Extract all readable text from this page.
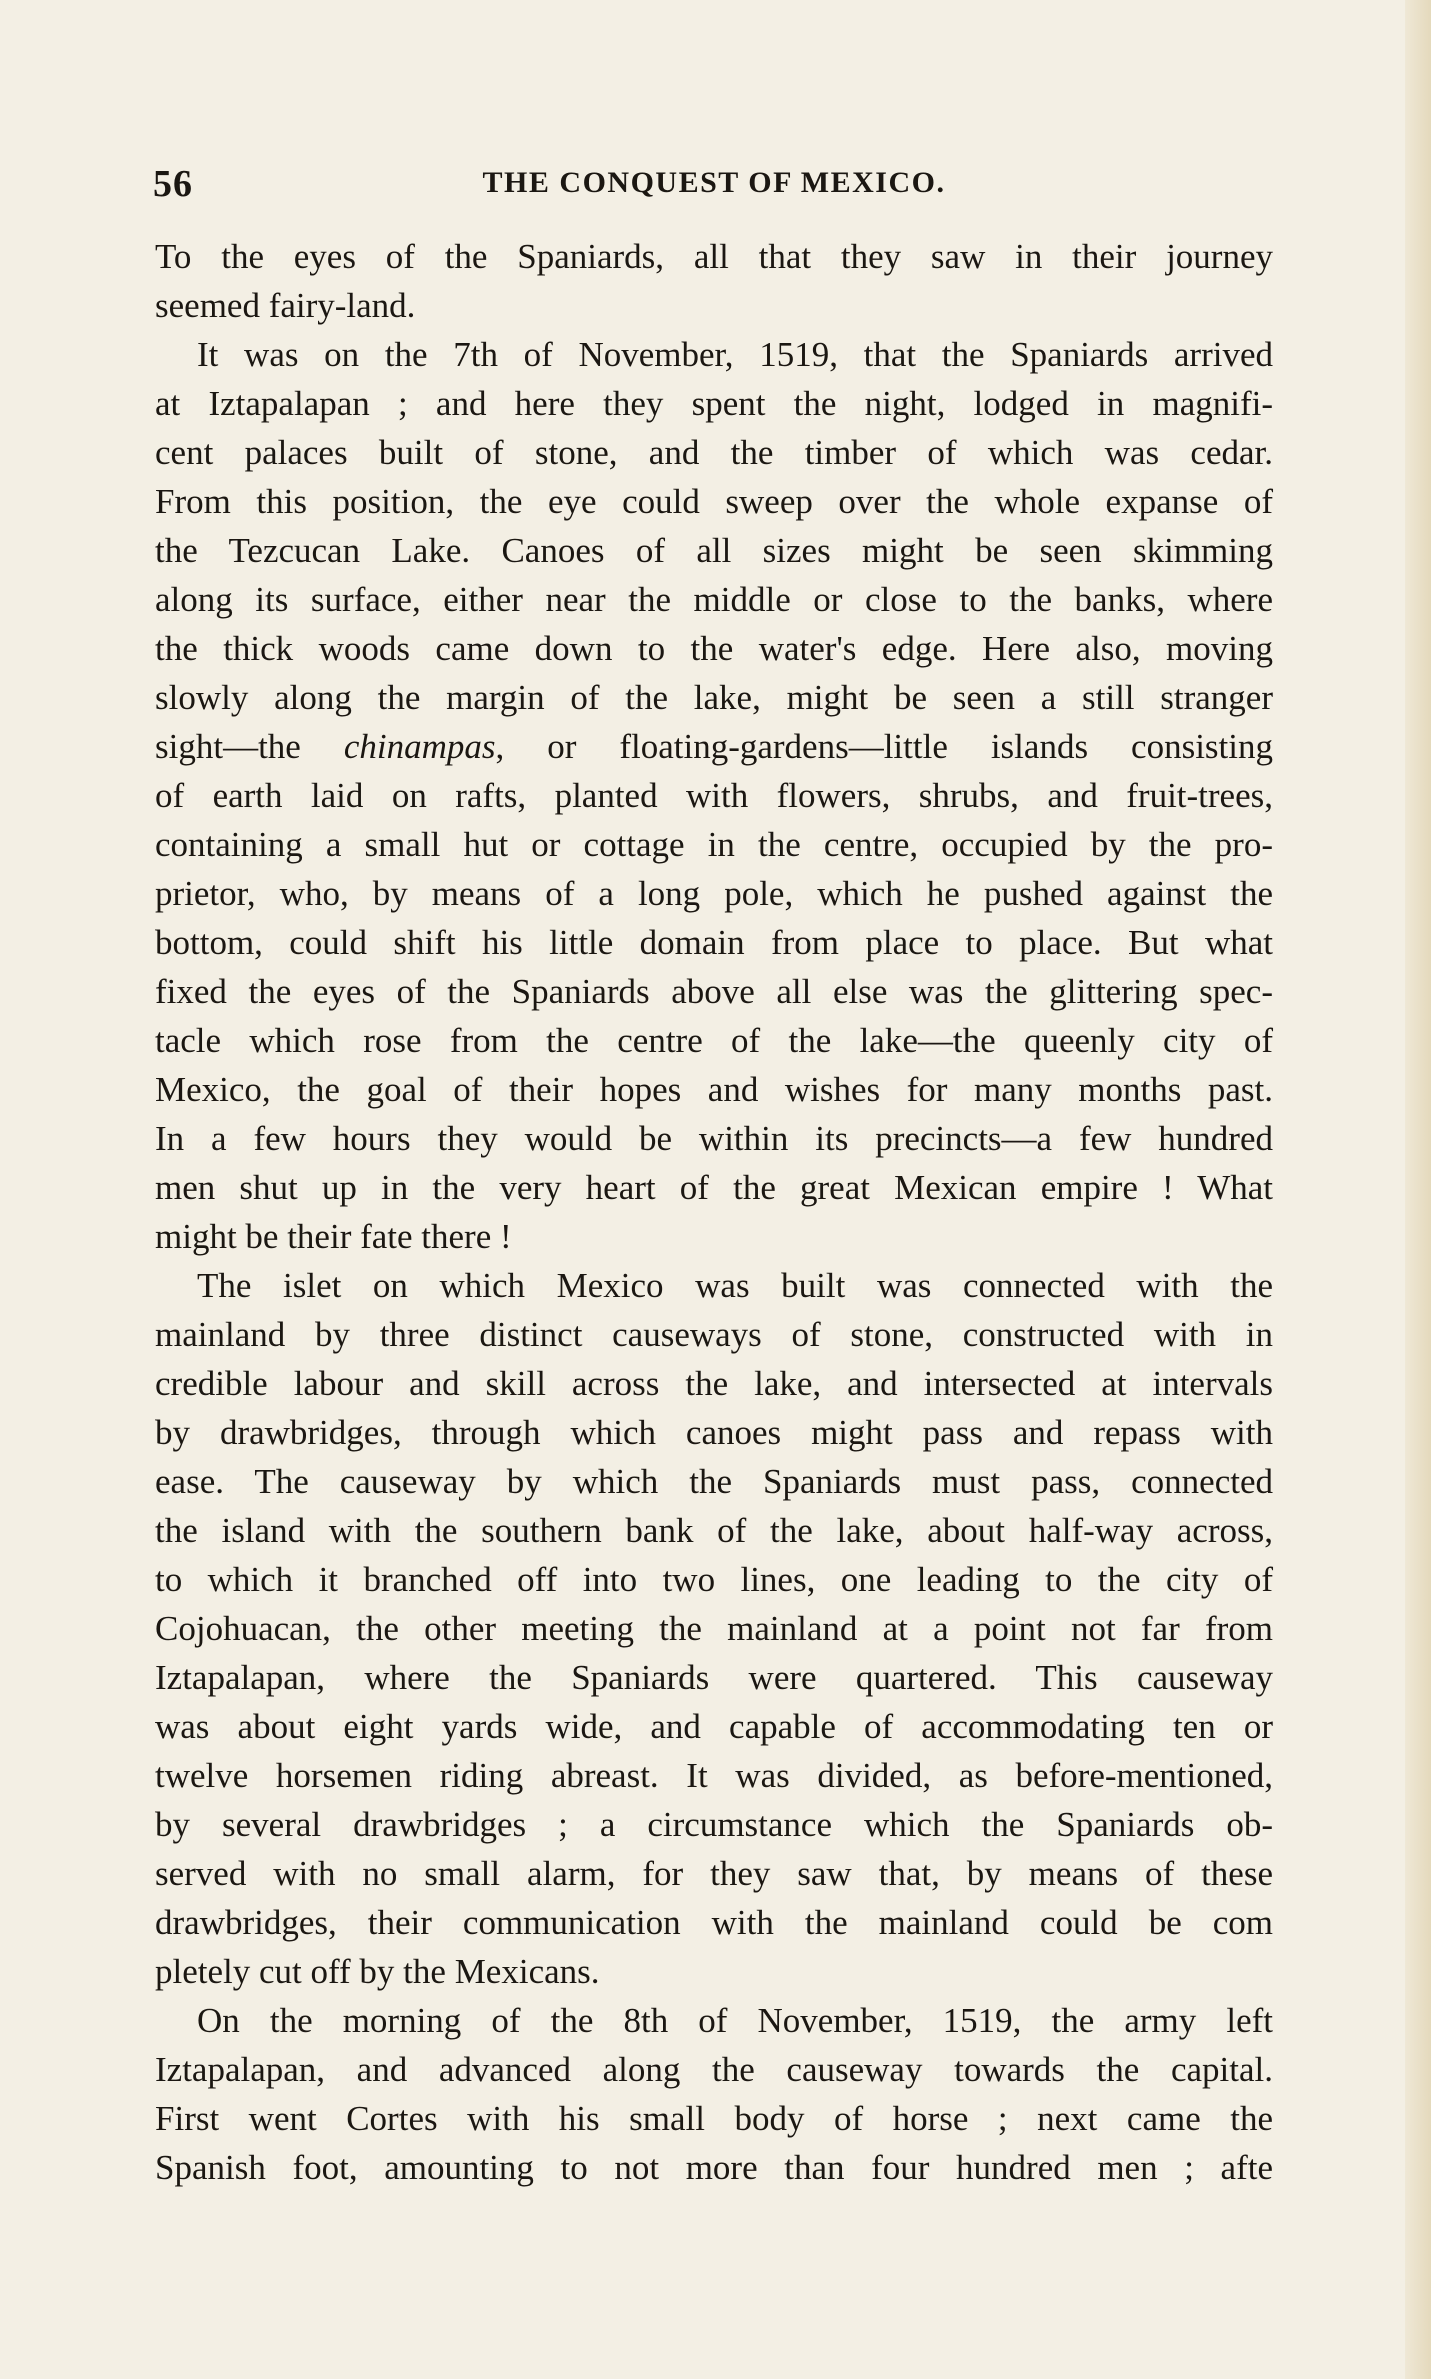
56	THE CONQUEST OF MEXICO.
To the eyes of the Spaniards, all that they saw in their journey
seemed fairy-land.
It was on the 7th of November, 1519, that the Spaniards arrived
at Iztapalapan ; and here they spent the night, lodged in magnifi-
cent palaces built of stone, and the timber of which was cedar.
From this position, the eye could sweep over the whole expanse of
the Tezcucan Lake. Canoes of all sizes might be seen skimming
along its surface, either near the middle or close to the banks, where
the thick woods came down to the water's edge. Here also, moving
slowly along the margin of the lake, might be seen a still stranger
sight—the chinampas, or floating-gardens—little islands consisting
of earth laid on rafts, planted with flowers, shrubs, and fruit-trees,
containing a small hut or cottage in the centre, occupied by the pro-
prietor, who, by means of a long pole, which he pushed against the
bottom, could shift his little domain from place to place. But what
fixed the eyes of the Spaniards above all else was the glittering spec-
tacle which rose from the centre of the lake—the queenly city of
Mexico, the goal of their hopes and wishes for many months past.
In a few hours they would be within its precincts—a few hundred
men shut up in the very heart of the great Mexican empire ! What
might be their fate there !
The islet on which Mexico was built was connected with the
mainland by three distinct causeways of stone, constructed with in
credible labour and skill across the lake, and intersected at intervals
by drawbridges, through which canoes might pass and repass with
ease. The causeway by which the Spaniards must pass, connected
the island with the southern bank of the lake, about half-way across,
to which it branched off into two lines, one leading to the city of
Cojohuacan, the other meeting the mainland at a point not far from
Iztapalapan, where the Spaniards were quartered. This causeway
was about eight yards wide, and capable of accommodating ten or
twelve horsemen riding abreast. It was divided, as before-mentioned,
by several drawbridges ; a circumstance which the Spaniards ob-
served with no small alarm, for they saw that, by means of these
drawbridges, their communication with the mainland could be com
pletely cut off by the Mexicans.
On the morning of the 8th of November, 1519, the army left
Iztapalapan, and advanced along the causeway towards the capital.
First went Cortes with his small body of horse ; next came the
Spanish foot, amounting to not more than four hundred men ; afte
